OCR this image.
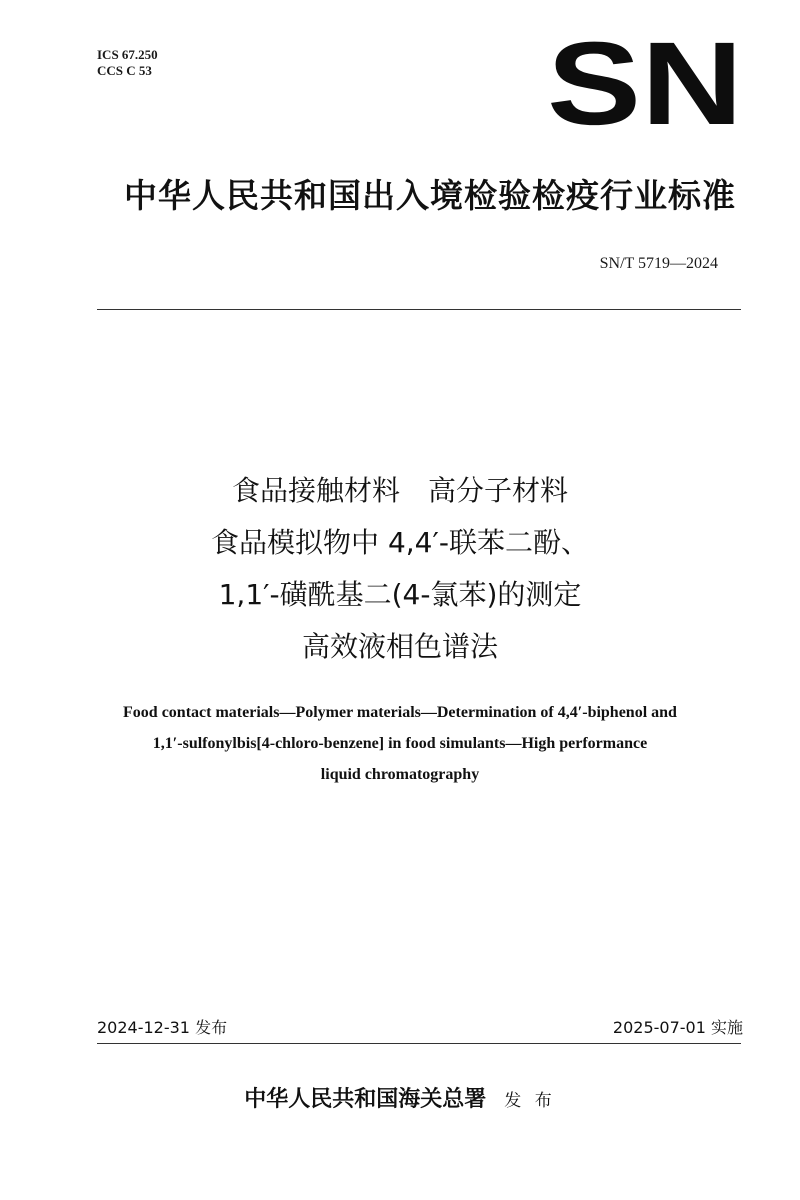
ICS 67.250
CCS C 53	SN
中华人民共和国出入境检验检疫行业标准
SN/T 5719—2024
食品接触材料　高分子材料
食品模拟物中 4,4′-联苯二酚、
1,1′-磺酰基二(4-氯苯)的测定
高效液相色谱法
Food contact materials—Polymer materials—Determination of 4,4′-biphenol and
1,1′-sulfonylbis[4-chloro-benzene] in food simulants—High performance
liquid chromatography
2024-12-31 发布	2025-07-01 实施
中华人民共和国海关总署 发 布
